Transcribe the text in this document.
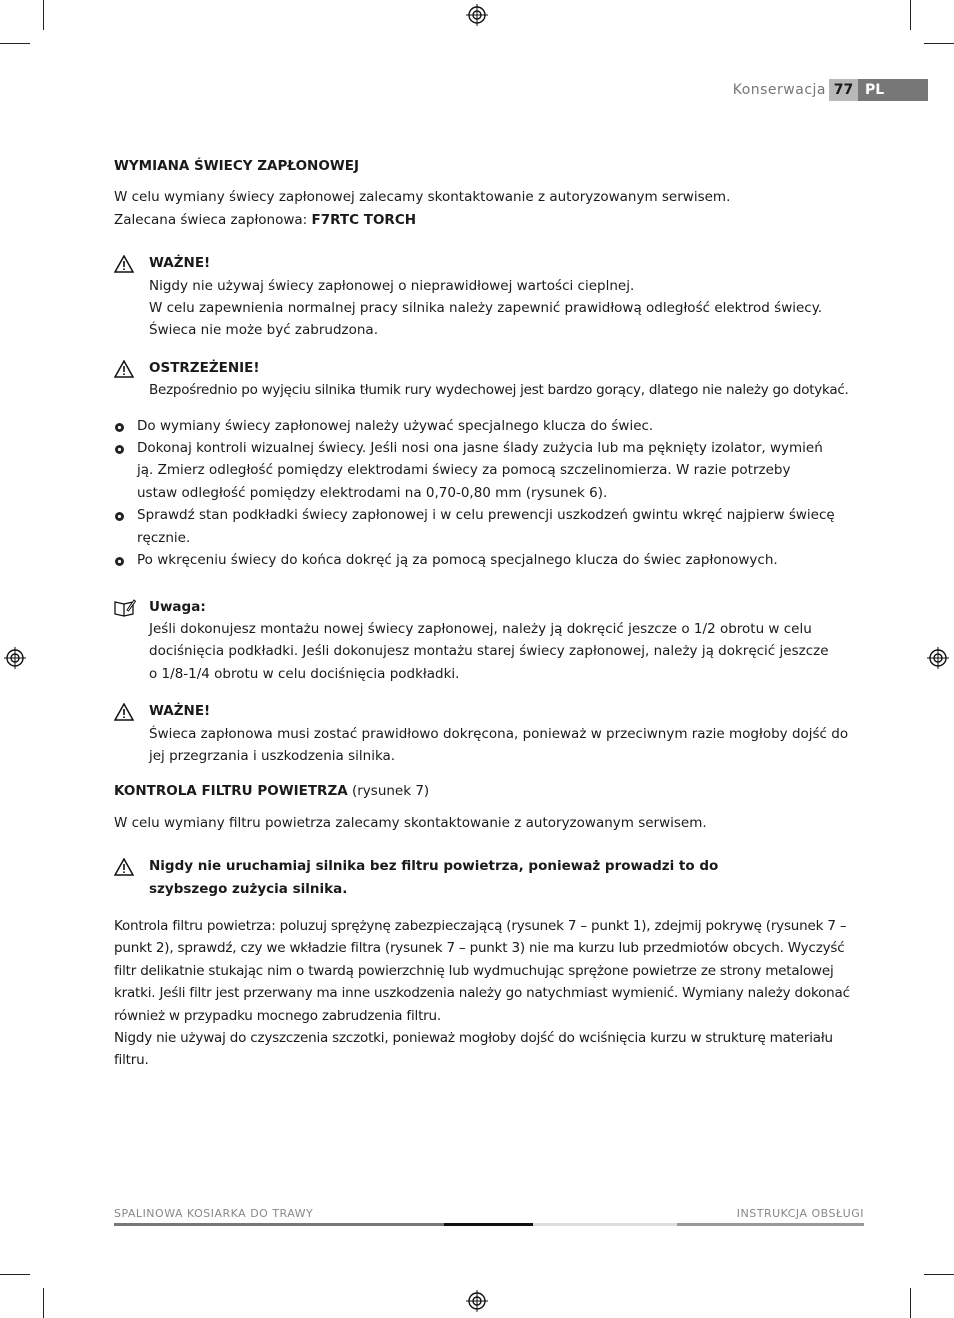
Konserwacja 77 PL

WYMIANA ŚWIECY ZAPŁONOWEJ

W celu wymiany świecy zapłonowej zalecamy skontaktowanie z autoryzowanym serwisem.

Zalecana świeca zapłonowa: F7RTC TORCH

WAŻNE!

Nigdy nie używaj świecy zapłonowej o nieprawidłowej wartości cieplnej.

W celu zapewnienia normalnej pracy silnika należy zapewnić prawidłową odległość elektrod świecy.

Świeca nie może być zabrudzona.

OSTRZEŻENIE!

Bezpośrednio po wyjęciu silnika tłumik rury wydechowej jest bardzo gorący, dlatego nie należy go dotykać.

Do wymiany świecy zapłonowej należy używać specjalnego klucza do świec.

Dokonaj kontroli wizualnej świecy. Jeśli nosi ona jasne ślady zużycia lub ma pęknięty izolator, wymień ją. Zmierz odległość pomiędzy elektrodami świecy za pomocą szczelinomierza. W razie potrzeby ustaw odległość pomiędzy elektrodami na 0,70-0,80 mm (rysunek 6).

Sprawdź stan podkładki świecy zapłonowej i w celu prewencji uszkodzeń gwintu wkręć najpierw świecę ręcznie.

Po wkręceniu świecy do końca dokręć ją za pomocą specjalnego klucza do świec zapłonowych.

Uwaga:

Jeśli dokonujesz montażu nowej świecy zapłonowej, należy ją dokręcić jeszcze o 1/2 obrotu w celu dociśnięcia podkładki. Jeśli dokonujesz montażu starej świecy zapłonowej, należy ją dokręcić jeszcze o 1/8-1/4 obrotu w celu dociśnięcia podkładki.

WAŻNE!

Świeca zapłonowa musi zostać prawidłowo dokręcona, ponieważ w przeciwnym razie mogłoby dojść do jej przegrzania i uszkodzenia silnika.

KONTROLA FILTRU POWIETRZA (rysunek 7)

W celu wymiany filtru powietrza zalecamy skontaktowanie z autoryzowanym serwisem.

Nigdy nie uruchamiaj silnika bez filtru powietrza, ponieważ prowadzi to do szybszego zużycia silnika.

Kontrola filtru powietrza: poluzuj sprężynę zabezpieczającą (rysunek 7 – punkt 1), zdejmij pokrywę (rysunek 7 – punkt 2), sprawdź, czy we wkładzie filtra (rysunek 7 – punkt 3) nie ma kurzu lub przedmiotów obcych. Wyczyść filtr delikatnie stukając nim o twardą powierzchnię lub wydmuchując sprężone powietrze ze strony metalowej kratki. Jeśli filtr jest przerwany ma inne uszkodzenia należy go natychmiast wymienić. Wymiany należy dokonać również w przypadku mocnego zabrudzenia filtru.

Nigdy nie używaj do czyszczenia szczotki, ponieważ mogłoby dojść do wciśnięcia kurzu w strukturę materiału filtru.

SPALINOWA KOSIARKA DO TRAWY	INSTRUKCJA OBSŁUGI
